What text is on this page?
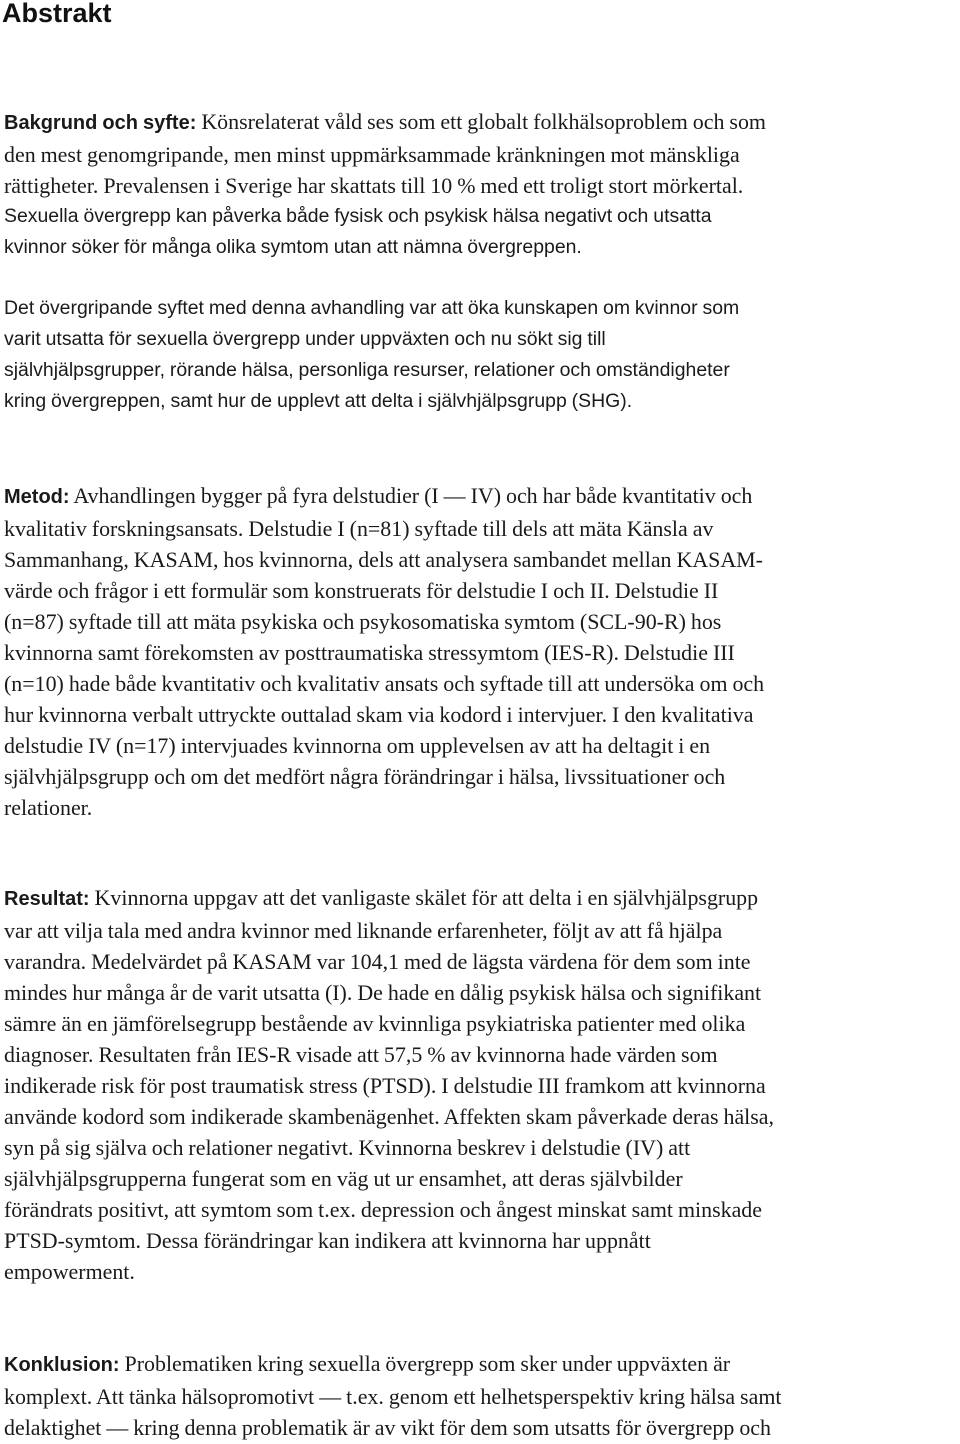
Abstrakt

Bakgrund och syfte: Könsrelaterat våld ses som ett globalt folkhälsoproblem och som
den mest genomgripande, men minst uppmärksammade kränkningen mot mänskliga
rättigheter. Prevalensen i Sverige har skattats till 10 % med ett troligt stort mörkertal.
Sexuella övergrepp kan påverka både fysisk och psykisk hälsa negativt och utsatta
kvinnor söker för många olika symtom utan att nämna övergreppen.

Det övergripande syftet med denna avhandling var att öka kunskapen om kvinnor som
varit utsatta för sexuella övergrepp under uppväxten och nu sökt sig till
självhjälpsgrupper, rörande hälsa, personliga resurser, relationer och omständigheter
kring övergreppen, samt hur de upplevt att delta i självhjälpsgrupp (SHG).

Metod: Avhandlingen bygger på fyra delstudier (I — IV) och har både kvantitativ och
kvalitativ forskningsansats. Delstudie I (n=81) syftade till dels att mäta Känsla av
Sammanhang, KASAM, hos kvinnorna, dels att analysera sambandet mellan KASAM-
värde och frågor i ett formulär som konstruerats för delstudie I och II. Delstudie II
(n=87) syftade till att mäta psykiska och psykosomatiska symtom (SCL-90-R) hos
kvinnorna samt förekomsten av posttraumatiska stressymtom (IES-R). Delstudie III
(n=10) hade både kvantitativ och kvalitativ ansats och syftade till att undersöka om och
hur kvinnorna verbalt uttryckte outtalad skam via kodord i intervjuer. I den kvalitativa
delstudie IV (n=17) intervjuades kvinnorna om upplevelsen av att ha deltagit i en
självhjälpsgrupp och om det medfört några förändringar i hälsa, livssituationer och
relationer.

Resultat: Kvinnorna uppgav att det vanligaste skälet för att delta i en självhjälpsgrupp
var att vilja tala med andra kvinnor med liknande erfarenheter, följt av att få hjälpa
varandra. Medelvärdet på KASAM var 104,1 med de lägsta värdena för dem som inte
mindes hur många år de varit utsatta (I). De hade en dålig psykisk hälsa och signifikant
sämre än en jämförelsegrupp bestående av kvinnliga psykiatriska patienter med olika
diagnoser. Resultaten från IES-R visade att 57,5 % av kvinnorna hade värden som
indikerade risk för post traumatisk stress (PTSD). I delstudie III framkom att kvinnorna
använde kodord som indikerade skambenägenhet. Affekten skam påverkade deras hälsa,
syn på sig själva och relationer negativt. Kvinnorna beskrev i delstudie (IV) att
självhjälpsgrupperna fungerat som en väg ut ur ensamhet, att deras självbilder
förändrats positivt, att symtom som t.ex. depression och ångest minskat samt minskade
PTSD-symtom. Dessa förändringar kan indikera att kvinnorna har uppnått
empowerment.

Konklusion: Problematiken kring sexuella övergrepp som sker under uppväxten är
komplext. Att tänka hälsopromotivt — t.ex. genom ett helhetsperspektiv kring hälsa samt
delaktighet — kring denna problematik är av vikt för dem som utsatts för övergrepp och
